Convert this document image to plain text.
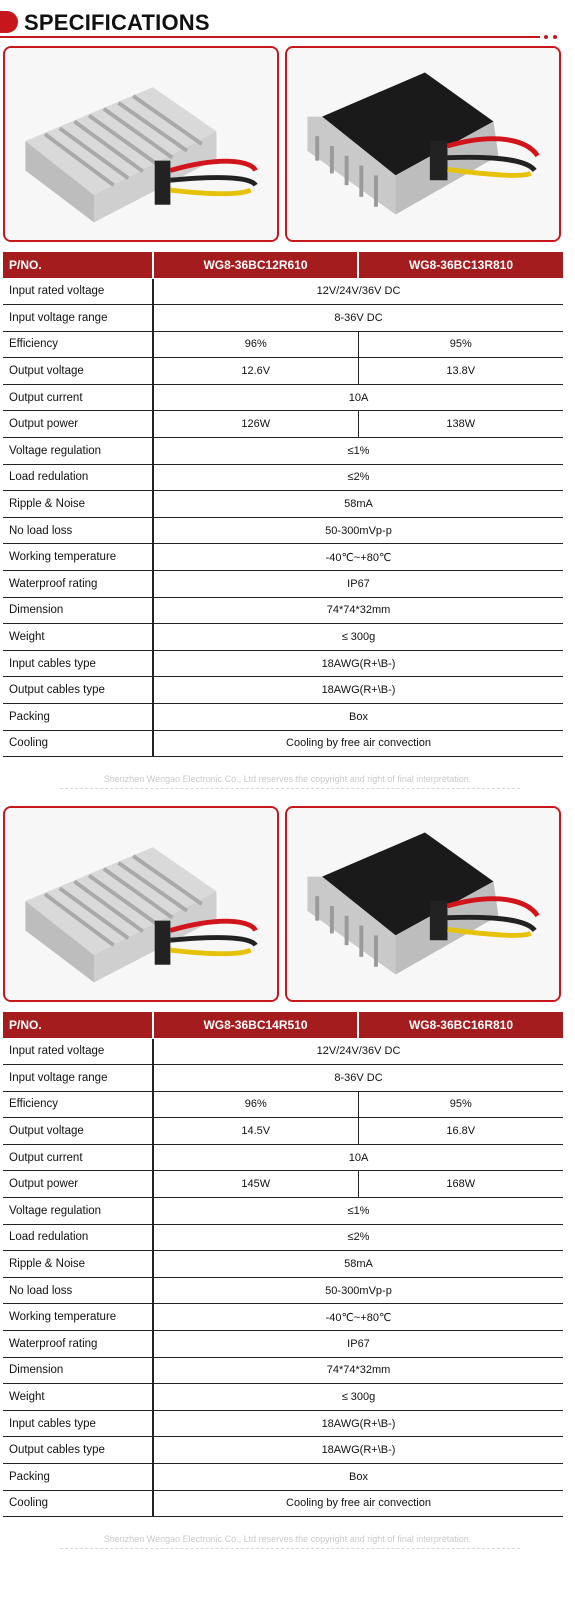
SPECIFICATIONS
P/NO.	WG8-36BC12R610	WG8-36BC13R810
Input rated voltage	12V/24V/36V DC	
Input voltage range	8-36V DC	
Efficiency	96%	95%
Output voltage	12.6V	13.8V
Output current	10A	
Output power	126W	138W
Voltage regulation	≤1%	
Load redulation	≤2%	
Ripple & Noise	58mA	
No load loss	50-300mVp-p	
Working temperature	-40℃~+80℃	
Waterproof rating	IP67	
Dimension	74*74*32mm	
Weight	≤ 300g	
Input cables type	18AWG(R+\B-)	
Output cables type	18AWG(R+\B-)	
Packing	Box	
Cooling	Cooling by free air convection	
Shenzhen Wengao Electronic Co., Ltd reserves the copyright and right of final interpretation.
P/NO.	WG8-36BC14R510	WG8-36BC16R810
Input rated voltage	12V/24V/36V DC	
Input voltage range	8-36V DC	
Efficiency	96%	95%
Output voltage	14.5V	16.8V
Output current	10A	
Output power	145W	168W
Voltage regulation	≤1%	
Load redulation	≤2%	
Ripple & Noise	58mA	
No load loss	50-300mVp-p	
Working temperature	-40℃~+80℃	
Waterproof rating	IP67	
Dimension	74*74*32mm	
Weight	≤ 300g	
Input cables type	18AWG(R+\B-)	
Output cables type	18AWG(R+\B-)	
Packing	Box	
Cooling	Cooling by free air convection	
Shenzhen Wengao Electronic Co., Ltd reserves the copyright and right of final interpretation.
